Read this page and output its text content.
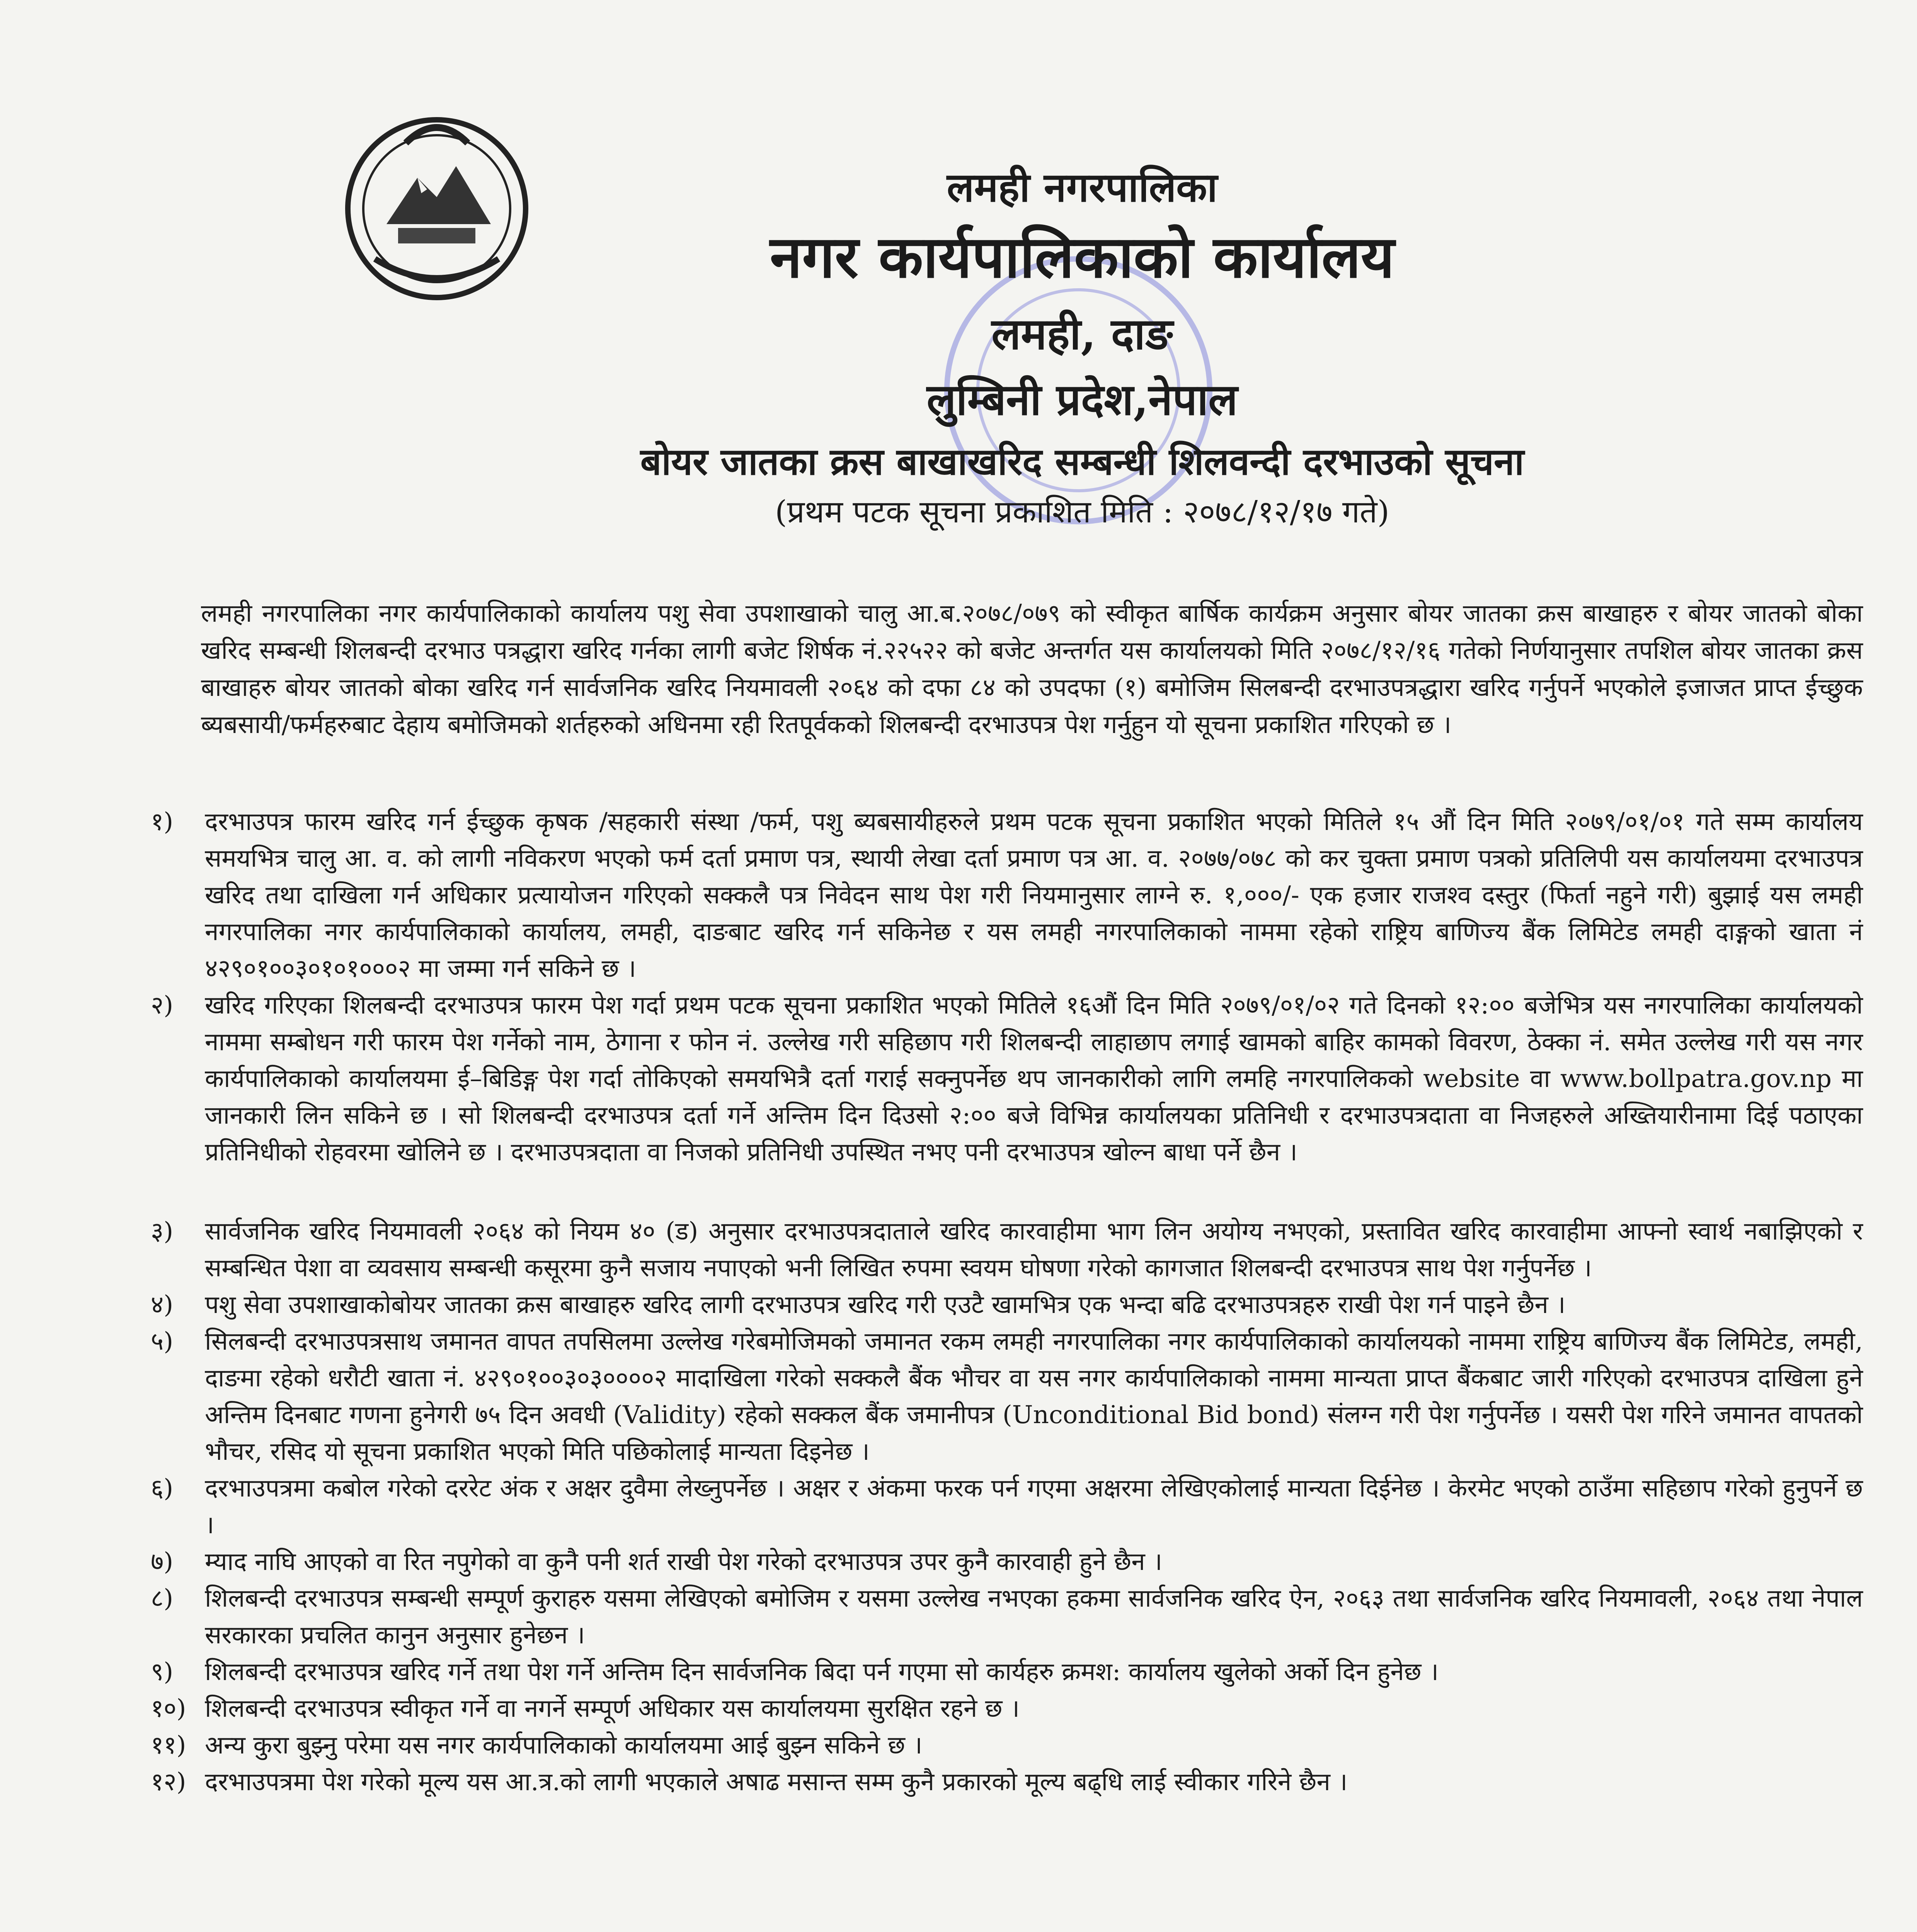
लमही नगरपालिका
नगर कार्यपालिकाको कार्यालय
लमही, दाङ
लुम्बिनी प्रदेश,नेपाल
बोयर जातका क्रस बाखाखरिद सम्बन्धी शिलवन्दी दरभाउको सूचना
(प्रथम पटक सूचना प्रकाशित मिति : २०७८/१२/१७ गते)
लमही नगरपालिका नगर कार्यपालिकाको कार्यालय पशु सेवा उपशाखाको चालु आ.ब.२०७८/०७९ को स्वीकृत बार्षिक कार्यक्रम अनुसार बोयर जातका क्रस बाखाहरु र बोयर जातको बोका खरिद सम्बन्धी शिलबन्दी दरभाउ पत्रद्धारा खरिद गर्नका लागी बजेट शिर्षक नं.२२५२२ को बजेट अन्तर्गत यस कार्यालयको मिति २०७८/१२/१६ गतेको निर्णयानुसार तपशिल बोयर जातका क्रस बाखाहरु बोयर जातको बोका खरिद गर्न सार्वजनिक खरिद नियमावली २०६४ को दफा ८४ को उपदफा (१) बमोजिम सिलबन्दी दरभाउपत्रद्धारा खरिद गर्नुपर्ने भएकोले इजाजत प्राप्त ईच्छुक ब्यबसायी/फर्महरुबाट देहाय बमोजिमको शर्तहरुको अधिनमा रही रितपूर्वकको शिलबन्दी दरभाउपत्र पेश गर्नुहुन यो सूचना प्रकाशित गरिएको छ ।
१)	दरभाउपत्र फारम खरिद गर्न ईच्छुक कृषक /सहकारी संस्था /फर्म, पशु ब्यबसायीहरुले प्रथम पटक सूचना प्रकाशित भएको मितिले १५ औं दिन मिति २०७९/०१/०१ गते सम्म कार्यालय समयभित्र चालु आ. व. को लागी नविकरण भएको फर्म दर्ता प्रमाण पत्र, स्थायी लेखा दर्ता प्रमाण पत्र आ. व. २०७७/०७८ को कर चुक्ता प्रमाण पत्रको प्रतिलिपी यस कार्यालयमा दरभाउपत्र खरिद तथा दाखिला गर्न अधिकार प्रत्यायोजन गरिएको सक्कलै पत्र निवेदन साथ पेश गरी नियमानुसार लाग्ने रु. १,०००/- एक हजार राजश्व दस्तुर (फिर्ता नहुने गरी) बुझाई यस लमही नगरपालिका नगर कार्यपालिकाको कार्यालय, लमही, दाङबाट खरिद गर्न सकिनेछ र यस लमही नगरपालिकाको नाममा रहेको राष्ट्रिय बाणिज्य बैंक लिमिटेड लमही दाङ्गको खाता नं ४२९०१००३०१०१०००२ मा जम्मा गर्न सकिने छ ।
२)	खरिद गरिएका शिलबन्दी दरभाउपत्र फारम पेश गर्दा प्रथम पटक सूचना प्रकाशित भएको मितिले १६औं दिन मिति २०७९/०१/०२ गते दिनको १२:०० बजेभित्र यस नगरपालिका कार्यालयको नाममा सम्बोधन गरी फारम पेश गर्नेको नाम, ठेगाना र फोन नं. उल्लेख गरी सहिछाप गरी शिलबन्दी लाहाछाप लगाई खामको बाहिर कामको विवरण, ठेक्का नं. समेत उल्लेख गरी यस नगर कार्यपालिकाको कार्यालयमा ई–बिडिङ्ग पेश गर्दा तोकिएको समयभित्रै दर्ता गराई सक्नुपर्नेछ थप जानकारीको लागि लमहि नगरपालिकको website वा www.bollpatra.gov.np मा जानकारी लिन सकिने छ । सो शिलबन्दी दरभाउपत्र दर्ता गर्ने अन्तिम दिन दिउसो २:०० बजे विभिन्न कार्यालयका प्रतिनिधी र दरभाउपत्रदाता वा निजहरुले अख्तियारीनामा दिई पठाएका प्रतिनिधीको रोहवरमा खोलिने छ । दरभाउपत्रदाता वा निजको प्रतिनिधी उपस्थित नभए पनी दरभाउपत्र खोल्न बाधा पर्ने छैन ।
३)	सार्वजनिक खरिद नियमावली २०६४ को नियम ४० (ड) अनुसार दरभाउपत्रदाताले खरिद कारवाहीमा भाग लिन अयोग्य नभएको, प्रस्तावित खरिद कारवाहीमा आफ्नो स्वार्थ नबाझिएको र सम्बन्धित पेशा वा व्यवसाय सम्बन्धी कसूरमा कुनै सजाय नपाएको भनी लिखित रुपमा स्वयम घोषणा गरेको कागजात शिलबन्दी दरभाउपत्र साथ पेश गर्नुपर्नेछ ।
४)	पशु सेवा उपशाखाकोबोयर जातका क्रस बाखाहरु खरिद लागी दरभाउपत्र खरिद गरी एउटै खामभित्र एक भन्दा बढि दरभाउपत्रहरु राखी पेश गर्न पाइने छैन ।
५)	सिलबन्दी दरभाउपत्रसाथ जमानत वापत तपसिलमा उल्लेख गरेबमोजिमको जमानत रकम लमही नगरपालिका नगर कार्यपालिकाको कार्यालयको नाममा राष्ट्रिय बाणिज्य बैंक लिमिटेड, लमही, दाङमा रहेको धरौटी खाता नं. ४२९०१००३०३००००२ मादाखिला गरेको सक्कलै बैंक भौचर वा यस नगर कार्यपालिकाको नाममा मान्यता प्राप्त बैंकबाट जारी गरिएको दरभाउपत्र दाखिला हुने अन्तिम दिनबाट गणना हुनेगरी ७५ दिन अवधी (Validity) रहेको सक्कल बैंक जमानीपत्र (Unconditional Bid bond) संलग्न गरी पेश गर्नुपर्नेछ । यसरी पेश गरिने जमानत वापतको भौचर, रसिद यो सूचना प्रकाशित भएको मिति पछिकोलाई मान्यता दिइनेछ ।
६)	दरभाउपत्रमा कबोल गरेको दररेट अंक र अक्षर दुवैमा लेख्नुपर्नेछ । अक्षर र अंकमा फरक पर्न गएमा अक्षरमा लेखिएकोलाई मान्यता दिईनेछ । केरमेट भएको ठाउँमा सहिछाप गरेको हुनुपर्ने छ ।
७)	म्याद नाघि आएको वा रित नपुगेको वा कुनै पनी शर्त राखी पेश गरेको दरभाउपत्र उपर कुनै कारवाही हुने छैन ।
८)	शिलबन्दी दरभाउपत्र सम्बन्धी सम्पूर्ण कुराहरु यसमा लेखिएको बमोजिम र यसमा उल्लेख नभएका हकमा सार्वजनिक खरिद ऐन, २०६३ तथा सार्वजनिक खरिद नियमावली, २०६४ तथा नेपाल सरकारका प्रचलित कानुन अनुसार हुनेछन ।
९)	शिलबन्दी दरभाउपत्र खरिद गर्ने तथा पेश गर्ने अन्तिम दिन सार्वजनिक बिदा पर्न गएमा सो कार्यहरु क्रमश: कार्यालय खुलेको अर्को दिन हुनेछ ।
१०) शिलबन्दी दरभाउपत्र स्वीकृत गर्ने वा नगर्ने सम्पूर्ण अधिकार यस कार्यालयमा सुरक्षित रहने छ ।
११) अन्य कुरा बुझ्नु परेमा यस नगर कार्यपालिकाको कार्यालयमा आई बुझ्न सकिने छ ।
१२) दरभाउपत्रमा पेश गरेको मूल्य यस आ.त्र.को लागी भएकाले अषाढ मसान्त सम्म कुनै प्रकारको मूल्य बढ्धि लाई स्वीकार गरिने छैन ।
